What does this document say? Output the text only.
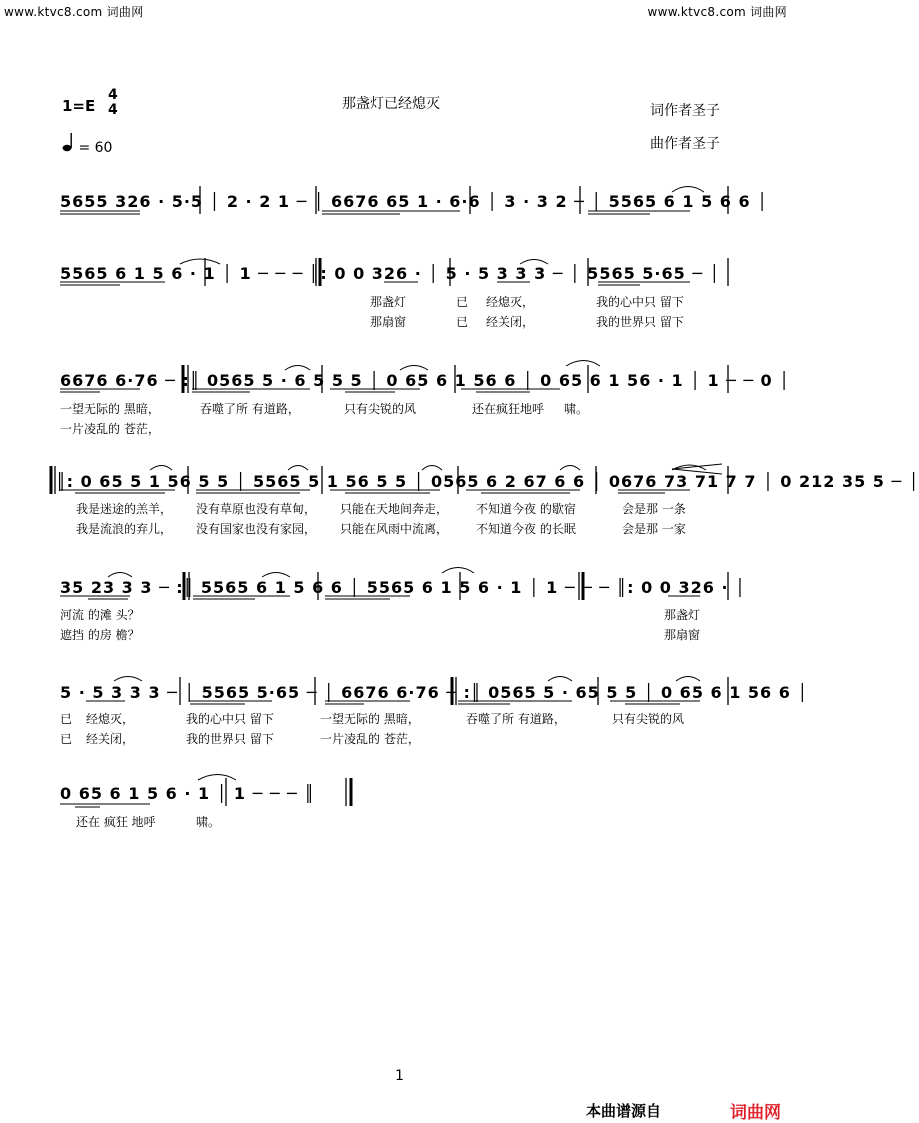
www.ktvc8.com 词曲网	www.ktvc8.com 词曲网
那盏灯已经熄灭
1=E
4
4
= 60
词作者圣子
曲作者圣子
5655 326 · 5·5 │ 2 · 2 1 ─ │ 6676 65 1 · 6·6 │ 3 · 3 2 ─ │ 5565 6 1 5 6 6 │
5565 6 1 5 6 · 1 │ 1 ─ ─ ─ ║: 0 0 326 · │ 5 · 5 3 3 3 ─ │ 5565 5·65 ─ │
那盏灯	已 经熄灭，	我的心中只 留下
那扇窗	已 经关闭，	我的世界只 留下
6676 6·76 ─ :║ 0565 5 · 6 5 5 5 │ 0 65 6 1 56 6 │ 0 65 6 1 56 · 1 │ 1 ─ ─ 0 │
一望无际的 黑暗，	吞噬了所 有道路，	只有尖锐的风	还在疯狂地呼 啸。
一片凌乱的 苍茫，
║: 0 65 5 1 56 5 5 │ 5565 5 1 56 5 5 │ 0565 6 2 67 6 6 │ 0676 73 71 7 7 │ 0 212 35 5 ─ │
我是迷途的羔羊， 没有草原也没有草甸， 只能在天地间奔走， 不知道今夜 的歇宿	会是那 一条
我是流浪的弃儿， 没有国家也没有家园， 只能在风雨中流离， 不知道今夜 的长眠	会是那 一家
35 23 3 3 ─ :║ 5565 6 1 5 6 6 │ 5565 6 1 5 6 · 1 │ 1 ─ ─ ─ ║: 0 0 326 · │
河流 的滩 头？	那盏灯
遮挡 的房 檐？	那扇窗
5 · 5 3 3 3 ─ │ 5565 5·65 ─ │ 6676 6·76 ─ :║ 0565 5 · 65 5 5 │ 0 65 6 1 56 6 │
已 经熄灭，	我的心中只 留下	一望无际的 黑暗，	吞噬了所 有道路，	只有尖锐的风
已 经关闭，	我的世界只 留下	一片凌乱的 苍茫，
0 65 6 1 5 6 · 1 │ 1 ─ ─ ─ ║
还在 疯狂 地呼	啸。
1
本曲谱源自	词曲网
